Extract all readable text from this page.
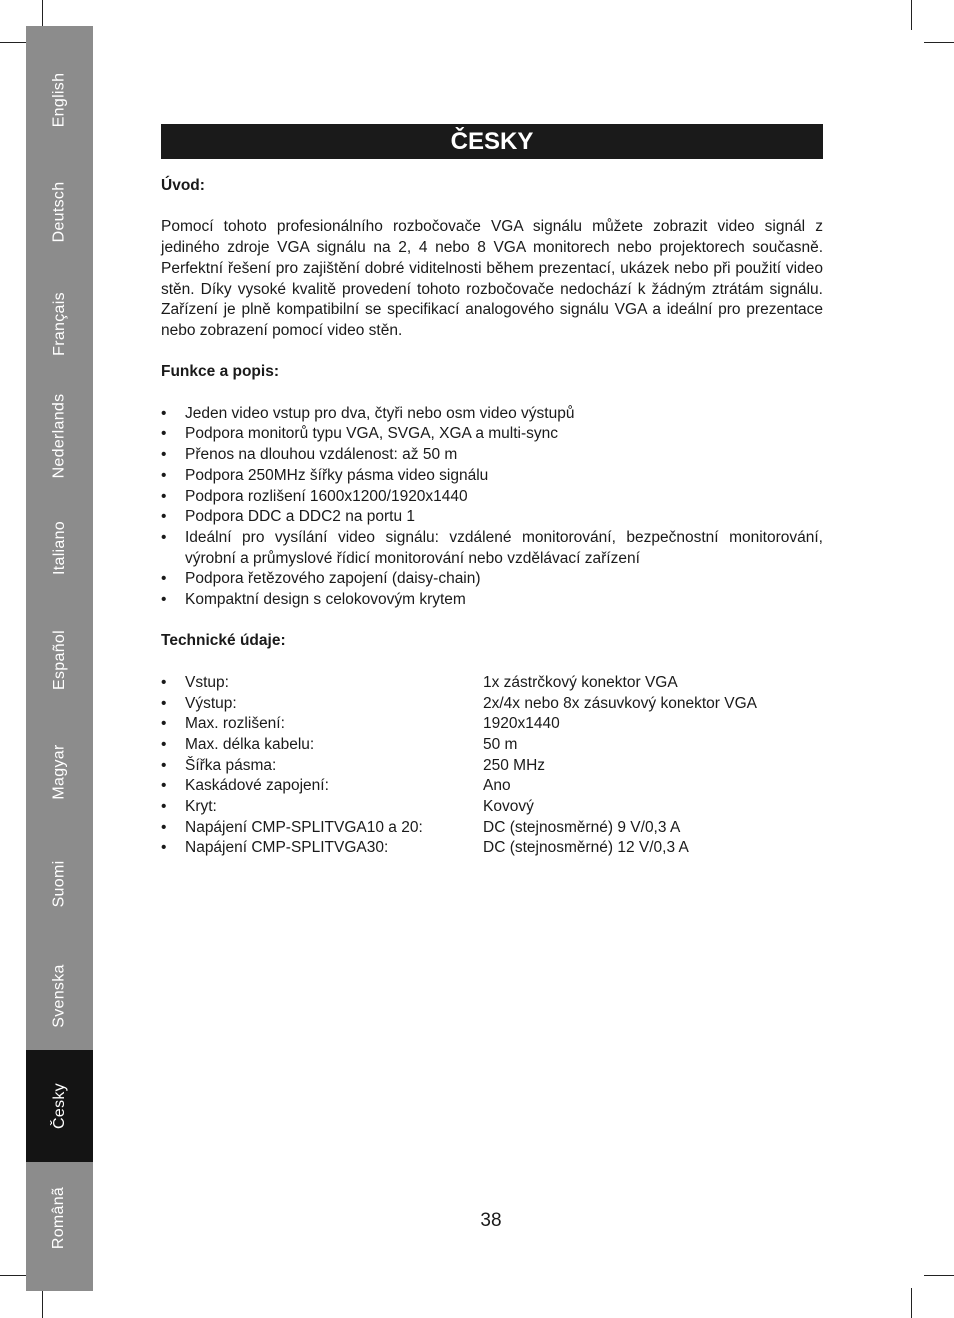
English
Deutsch
Français
Nederlands
Italiano
Español
Magyar
Suomi
Svenska
Česky
Românã
ČESKY
Úvod:

Pomocí tohoto profesionálního rozbočovače VGA signálu můžete zobrazit video signál z jediného zdroje VGA signálu na 2, 4 nebo 8 VGA monitorech nebo projektorech současně. Perfektní řešení pro zajištění dobré viditelnosti během prezentací, ukázek nebo při použití video stěn. Díky vysoké kvalitě provedení tohoto rozbočovače nedochází k žádným ztrátám signálu. Zařízení je plně kompatibilní se specifikací analogového signálu VGA a ideální pro prezentace nebo zobrazení pomocí video stěn.

Funkce a popis:
• Jeden video vstup pro dva, čtyři nebo osm video výstupů
• Podpora monitorů typu VGA, SVGA, XGA a multi-sync
• Přenos na dlouhou vzdálenost: až 50 m
• Podpora 250MHz šířky pásma video signálu
• Podpora rozlišení 1600x1200/1920x1440
• Podpora DDC a DDC2 na portu 1
• Ideální pro vysílání video signálu: vzdálené monitorování, bezpečnostní monitorování, výrobní a průmyslové řídicí monitorování nebo vzdělávací zařízení
• Podpora řetězového zapojení (daisy-chain)
• Kompaktní design s celokovovým krytem
Technické údaje:
• Vstup:	1x zástrčkový konektor VGA
• Výstup:	2x/4x nebo 8x zásuvkový konektor VGA
• Max. rozlišení:	1920x1440
• Max. délka kabelu:	50 m
• Šířka pásma:	250 MHz
• Kaskádové zapojení:	Ano
• Kryt:	Kovový
• Napájení CMP-SPLITVGA10 a 20:	DC (stejnosměrné) 9 V/0,3 A
• Napájení CMP-SPLITVGA30:	DC (stejnosměrné) 12 V/0,3 A
38
